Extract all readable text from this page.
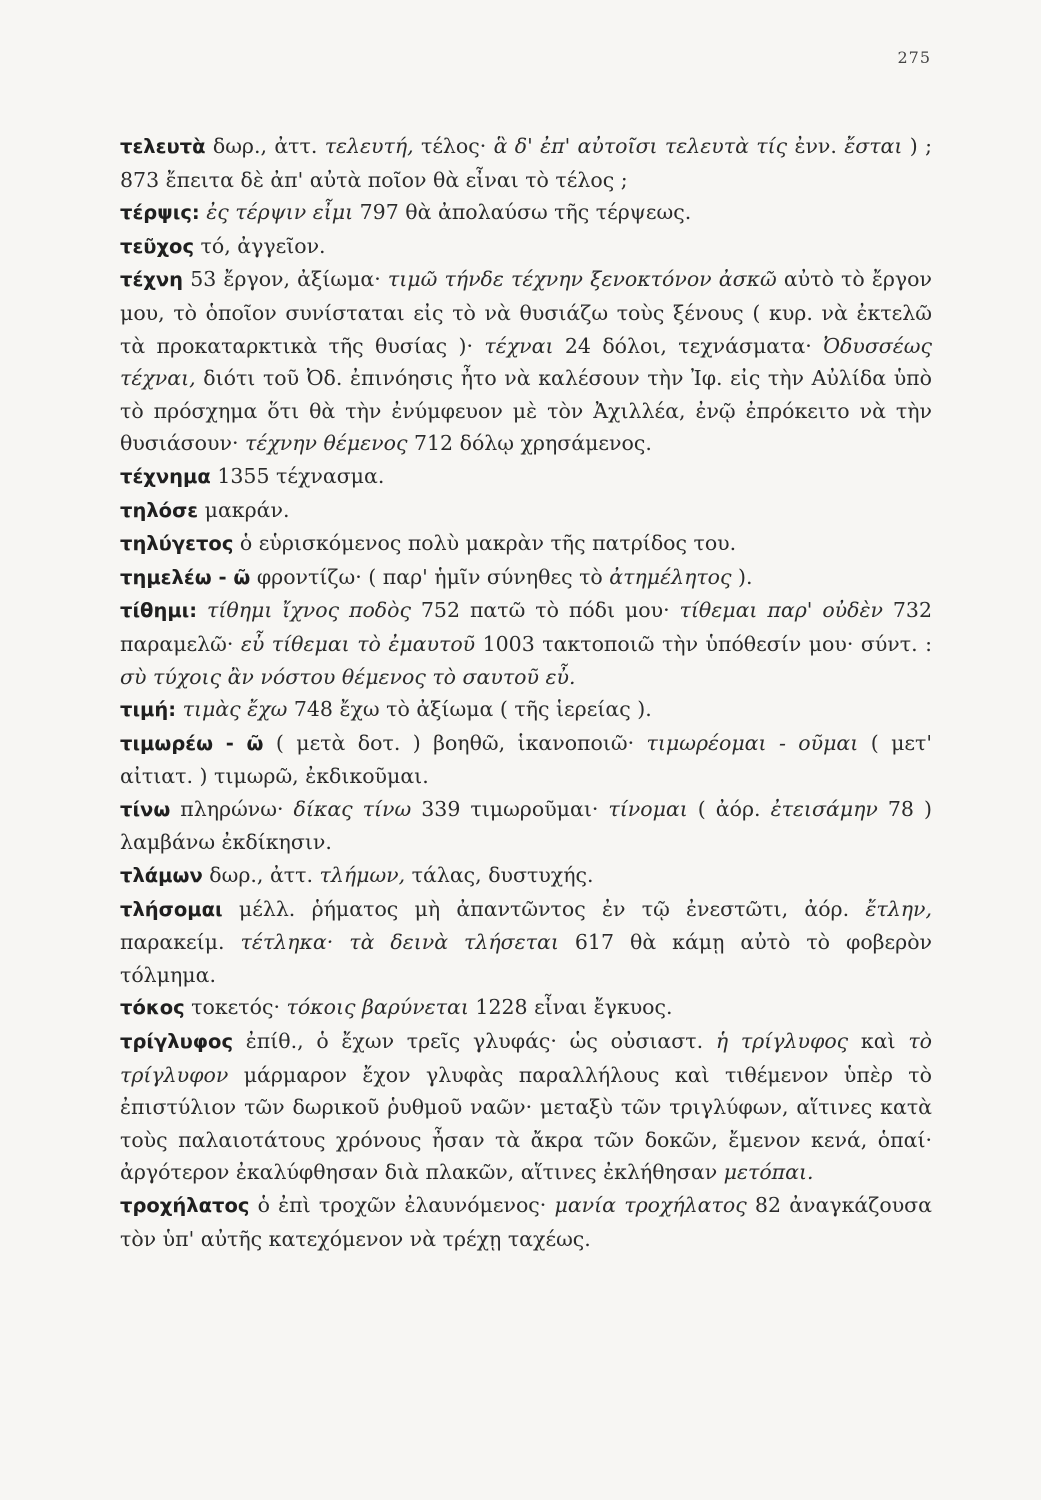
275

τελευτὰ δωρ., ἀττ. τελευτή, τέλος· ἃ δ' ἐπ' αὐτοῖσι τελευτὰ τίς ἐνν. ἔσται ) ; 873 ἔπειτα δὲ ἀπ' αὐτὰ ποῖον θὰ εἶναι τὸ τέλος ;

τέρψις: ἐς τέρψιν εἶμι 797 θὰ ἀπολαύσω τῆς τέρψεως.

τεῦχος τό, ἀγγεῖον.

τέχνη 53 ἔργον, ἀξίωμα· τιμῶ τήνδε τέχνην ξενοκτόνον ἀσκῶ αὐτὸ τὸ ἔργον μου, τὸ ὁποῖον συνίσταται εἰς τὸ νὰ θυσιάζω τοὺς ξένους ( κυρ. νὰ ἐκτελῶ τὰ προκαταρκτικὰ τῆς θυσίας )· τέχναι 24 δόλοι, τεχνάσματα· Ὀδυσσέως τέχναι, διότι τοῦ Ὀδ. ἐπινόησις ἦτο νὰ καλέσουν τὴν Ἰφ. εἰς τὴν Αὐλίδα ὑπὸ τὸ πρόσχημα ὅτι θὰ τὴν ἐνύμφευον μὲ τὸν Ἀχιλλέα, ἐνῷ ἐπρόκειτο νὰ τὴν θυσιάσουν· τέχνην θέμενος 712 δόλῳ χρησάμενος.

τέχνημα 1355 τέχνασμα.

τηλόσε μακράν.

τηλύγετος ὁ εὑρισκόμενος πολὺ μακρὰν τῆς πατρίδος του.

τημελέω - ῶ φροντίζω· ( παρ' ἡμῖν σύνηθες τὸ ἀτημέλητος ).

τίθημι: τίθημι ἴχνος ποδὸς 752 πατῶ τὸ πόδι μου· τίθεμαι παρ' οὐδὲν 732 παραμελῶ· εὖ τίθεμαι τὸ ἐμαυτοῦ 1003 τακτοποιῶ τὴν ὑπόθεσίν μου· σύντ. : σὺ τύχοις ἂν νόστου θέμενος τὸ σαυτοῦ εὖ.

τιμή: τιμὰς ἔχω 748 ἔχω τὸ ἀξίωμα ( τῆς ἱερείας ).

τιμωρέω - ῶ ( μετὰ δοτ. ) βοηθῶ, ἱκανοποιῶ· τιμωρέομαι - οῦμαι ( μετ' αἰτιατ. ) τιμωρῶ, ἐκδικοῦμαι.

τίνω πληρώνω· δίκας τίνω 339 τιμωροῦμαι· τίνομαι ( ἀόρ. ἐτεισάμην 78 ) λαμβάνω ἐκδίκησιν.

τλάμων δωρ., ἀττ. τλήμων, τάλας, δυστυχής.

τλήσομαι μέλλ. ῥήματος μὴ ἀπαντῶντος ἐν τῷ ἐνεστῶτι, ἀόρ. ἔτλην, παρακείμ. τέτληκα· τὰ δεινὰ τλήσεται 617 θὰ κάμῃ αὐτὸ τὸ φοβερὸν τόλμημα.

τόκος τοκετός· τόκοις βαρύνεται 1228 εἶναι ἔγκυος.

τρίγλυφος ἐπίθ., ὁ ἔχων τρεῖς γλυφάς· ὡς οὐσιαστ. ἡ τρίγλυφος καὶ τὸ τρίγλυφον μάρμαρον ἔχον γλυφὰς παραλλήλους καὶ τιθέμενον ὑπὲρ τὸ ἐπιστύλιον τῶν δωρικοῦ ῥυθμοῦ ναῶν· μεταξὺ τῶν τριγλύφων, αἵτινες κατὰ τοὺς παλαιοτάτους χρόνους ἦσαν τὰ ἄκρα τῶν δοκῶν, ἔμενον κενά, ὁπαί· ἀργότερον ἐκαλύφθησαν διὰ πλακῶν, αἵτινες ἐκλήθησαν μετόπαι.

τροχήλατος ὁ ἐπὶ τροχῶν ἐλαυνόμενος· μανία τροχήλατος 82 ἀναγκάζουσα τὸν ὑπ' αὐτῆς κατεχόμενον νὰ τρέχῃ ταχέως.
